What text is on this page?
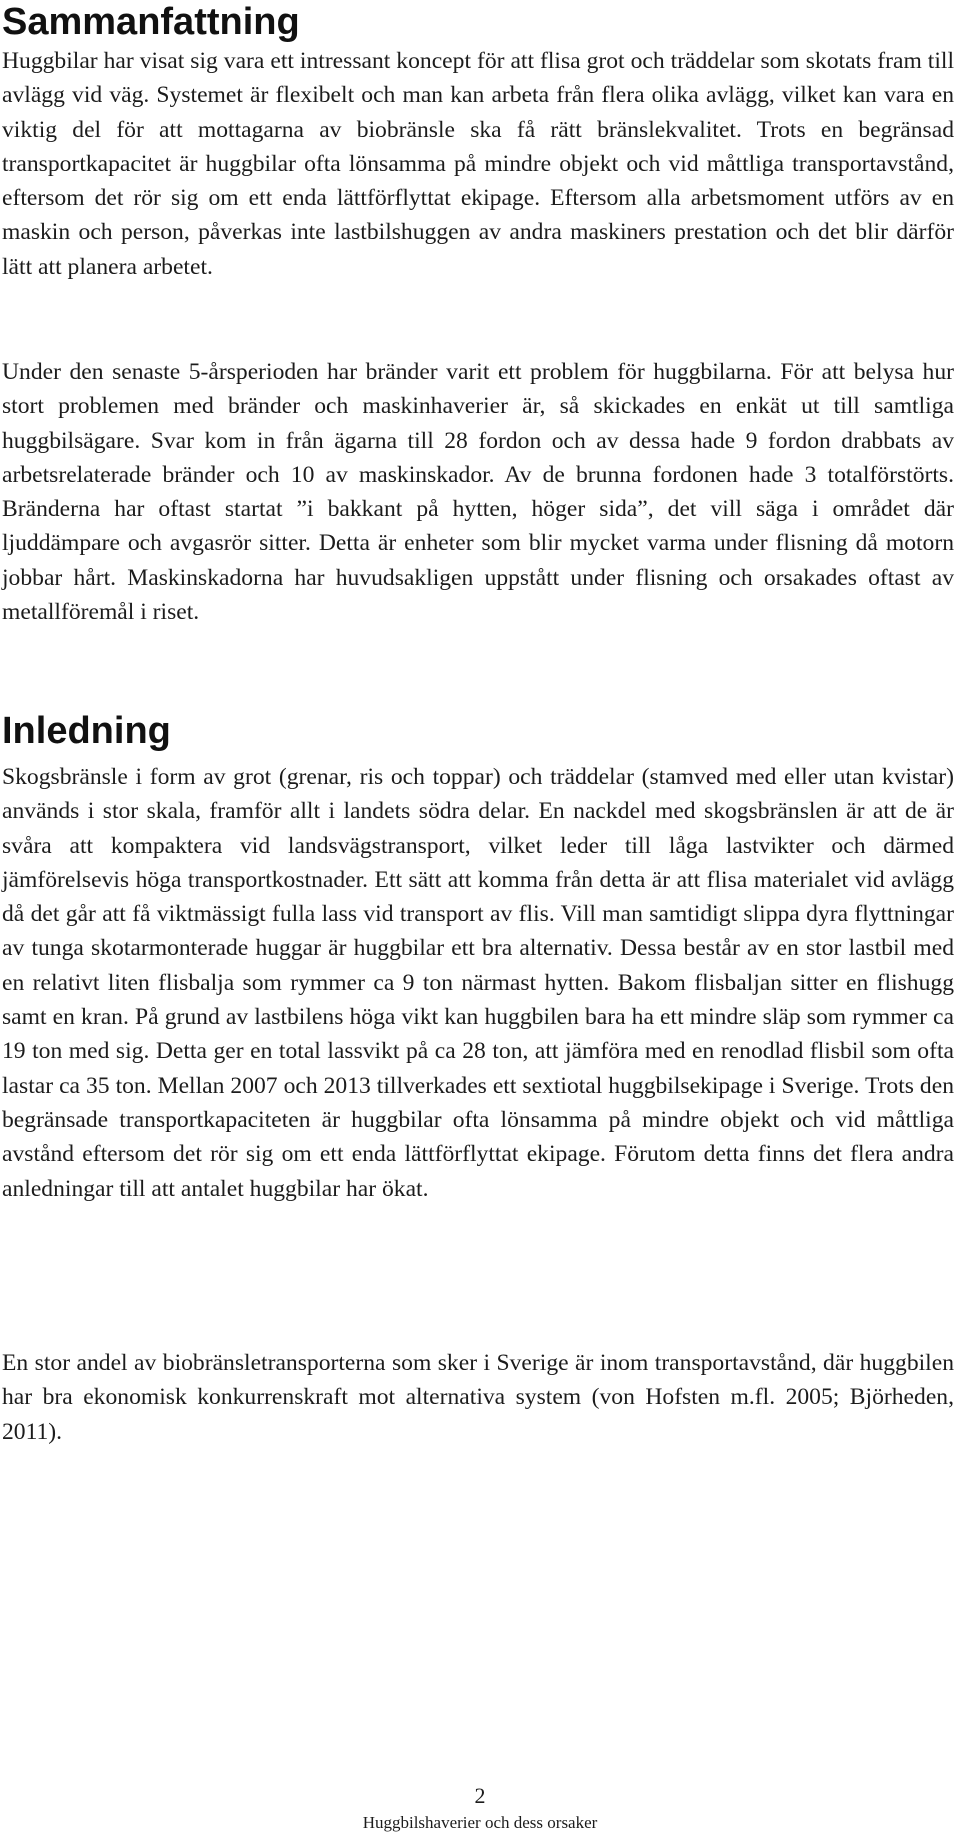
Sammanfattning

Huggbilar har visat sig vara ett intressant koncept för att flisa grot och träddelar som skotats fram till avlägg vid väg. Systemet är flexibelt och man kan arbeta från flera olika avlägg, vilket kan vara en viktig del för att mottagarna av biobränsle ska få rätt bränslekvalitet. Trots en begränsad transportkapacitet är huggbilar ofta lönsamma på mindre objekt och vid måttliga transportavstånd, eftersom det rör sig om ett enda lättförflyttat ekipage. Eftersom alla arbetsmoment utförs av en maskin och person, påverkas inte lastbilshuggen av andra maskiners prestation och det blir därför lätt att planera arbetet.

Under den senaste 5-årsperioden har bränder varit ett problem för huggbilarna. För att belysa hur stort problemen med bränder och maskinhaverier är, så skickades en enkät ut till samtliga huggbilsägare. Svar kom in från ägarna till 28 fordon och av dessa hade 9 fordon drabbats av arbetsrelaterade bränder och 10 av maskinskador. Av de brunna fordonen hade 3 totalförstörts. Bränderna har oftast startat ”i bakkant på hytten, höger sida”, det vill säga i området där ljuddämpare och avgasrör sitter. Detta är enheter som blir mycket varma under flisning då motorn jobbar hårt. Maskinskadorna har huvudsakligen uppstått under flisning och orsakades oftast av metallföremål i riset.

Inledning

Skogsbränsle i form av grot (grenar, ris och toppar) och träddelar (stamved med eller utan kvistar) används i stor skala, framför allt i landets södra delar. En nackdel med skogsbränslen är att de är svåra att kompaktera vid landsvägstransport, vilket leder till låga lastvikter och därmed jämförelsevis höga transportkostnader. Ett sätt att komma från detta är att flisa materialet vid avlägg då det går att få viktmässigt fulla lass vid transport av flis. Vill man samtidigt slippa dyra flyttningar av tunga skotarmonterade huggar är huggbilar ett bra alternativ. Dessa består av en stor lastbil med en relativt liten flisbalja som rymmer ca 9 ton närmast hytten. Bakom flisbaljan sitter en flishugg samt en kran. På grund av lastbilens höga vikt kan huggbilen bara ha ett mindre släp som rymmer ca 19 ton med sig. Detta ger en total lassvikt på ca 28 ton, att jämföra med en renodlad flisbil som ofta lastar ca 35 ton. Mellan 2007 och 2013 tillverkades ett sextiotal huggbilsekipage i Sverige. Trots den begränsade transportkapaciteten är huggbilar ofta lönsamma på mindre objekt och vid måttliga avstånd eftersom det rör sig om ett enda lättförflyttat ekipage. Förutom detta finns det flera andra anledningar till att antalet huggbilar har ökat.

En stor andel av biobränsletransporterna som sker i Sverige är inom transportavstånd, där huggbilen har bra ekonomisk konkurrenskraft mot alternativa system (von Hofsten m.fl. 2005; Björheden, 2011).

2
Huggbilshaverier och dess orsaker
